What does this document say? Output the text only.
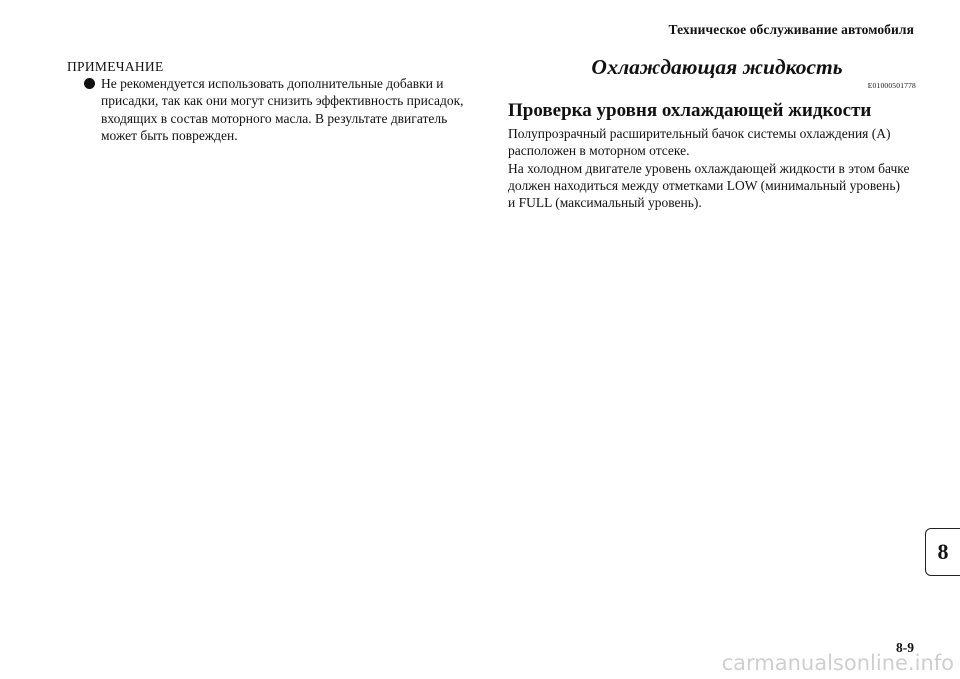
Техническое обслуживание автомобиля
ПРИМЕЧАНИЕ
Не рекомендуется использовать дополнительные добавки и
присадки, так как они могут снизить эффективность присадок,
входящих в состав моторного масла. В результате двигатель
может быть поврежден.
Охлаждающая жидкость
E01000501778
Проверка уровня охлаждающей жидкости

Полупрозрачный расширительный бачок системы охлаждения (A)

расположен в моторном отсеке.

На холодном двигателе уровень охлаждающей жидкости в этом бачке

должен находиться между отметками LOW (минимальный уровень)

и FULL (максимальный уровень).

8
8-9
carmanualsonline.info
